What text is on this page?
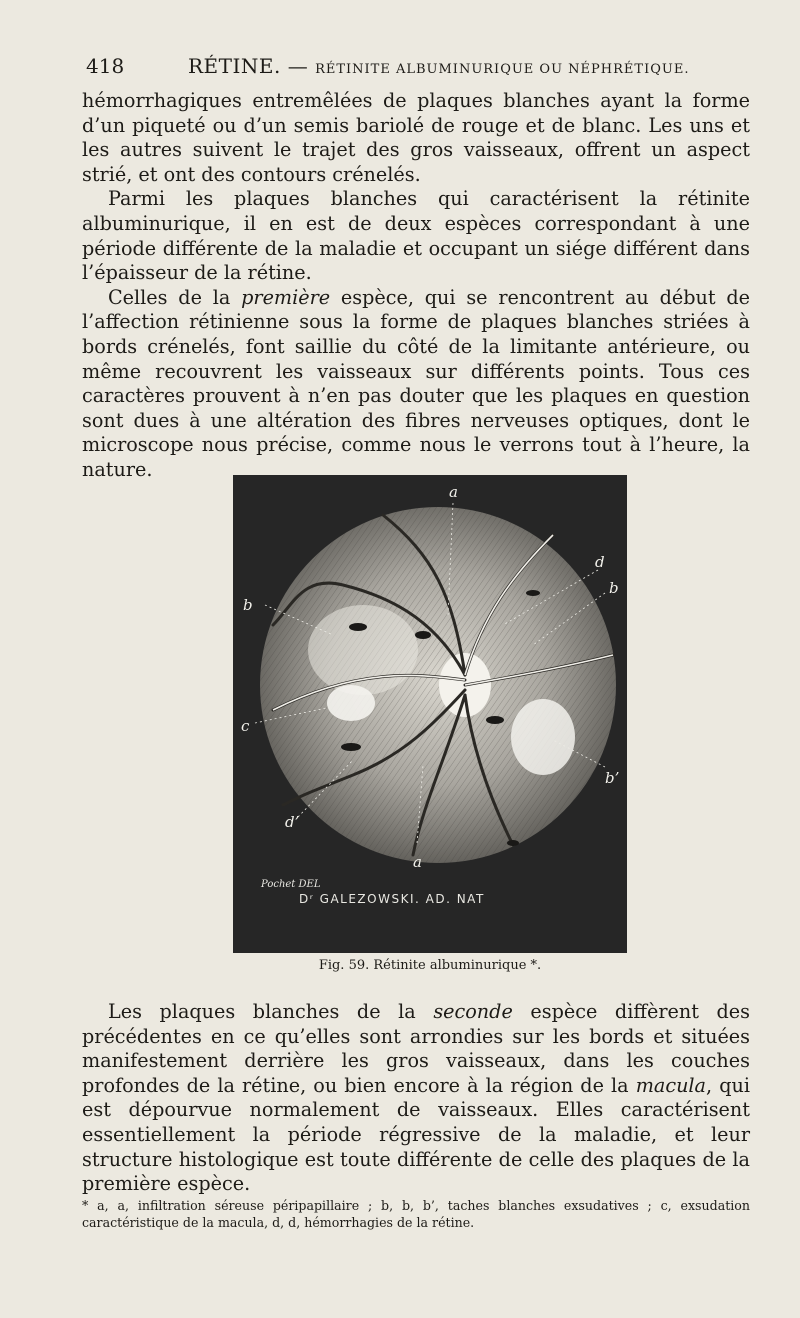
418	RÉTINE. — RÉTINITE ALBUMINURIQUE OU NÉPHRÉTIQUE.

hémorrhagiques entremêlées de plaques blanches ayant la forme d’un piqueté ou d’un semis bariolé de rouge et de blanc. Les uns et les autres suivent le trajet des gros vaisseaux, offrent un aspect strié, et ont des contours crénelés.

Parmi les plaques blanches qui caractérisent la rétinite albuminurique, il en est de deux espèces correspondant à une période différente de la maladie et occupant un siége différent dans l’épaisseur de la rétine.

Celles de la première espèce, qui se rencontrent au début de l’affection rétinienne sous la forme de plaques blanches striées à bords crénelés, font saillie du côté de la limitante antérieure, ou même recouvrent les vaisseaux sur différents points. Tous ces caractères prouvent à n’en pas douter que les plaques en question sont dues à une altération des fibres nerveuses optiques, dont le microscope nous précise, comme nous le verrons tout à l’heure, la nature.

a
b
d
b
c
b’
d’
a
Pochet DEL
Dʳ GALEZOWSKI. AD. NAT
Fig. 59. Rétinite albuminurique *.

Les plaques blanches de la seconde espèce diffèrent des précédentes en ce qu’elles sont arrondies sur les bords et situées manifestement derrière les gros vaisseaux, dans les couches profondes de la rétine, ou bien encore à la région de la macula, qui est dépourvue normalement de vaisseaux. Elles caractérisent essentiellement la période régressive de la maladie, et leur structure histologique est toute différente de celle des plaques de la première espèce.

* a, a, infiltration séreuse péripapillaire ; b, b, b’, taches blanches exsudatives ; c, exsudation caractéristique de la macula, d, d, hémorrhagies de la rétine.
